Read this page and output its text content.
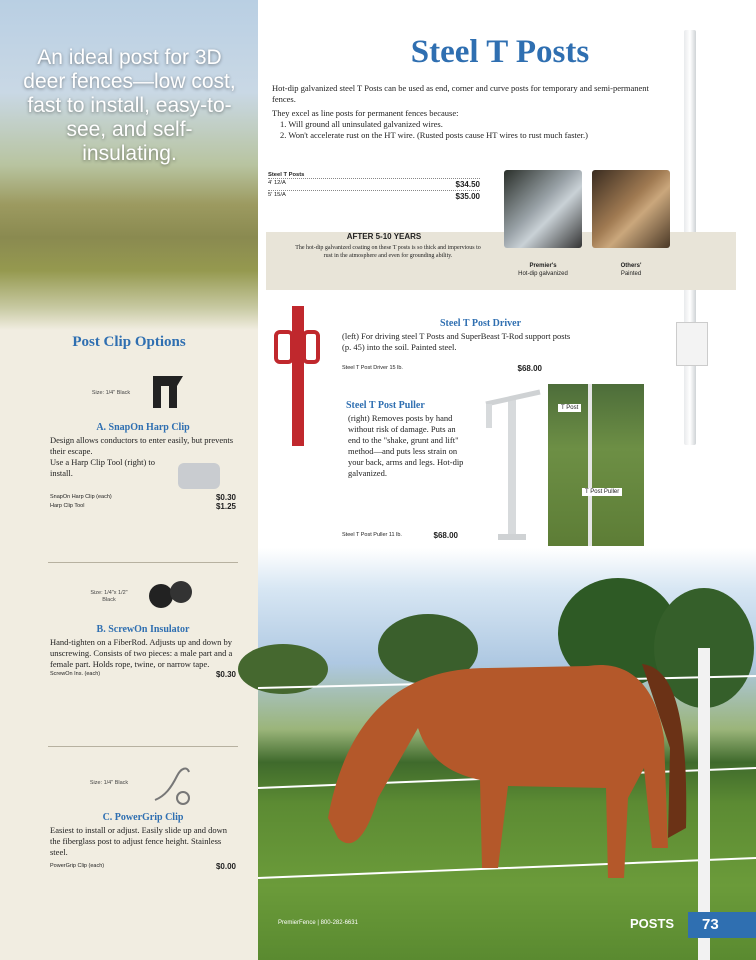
An ideal post for 3D deer fences—low cost, fast to install, easy-to-see, and self-insulating.
Post Clip Options
Size: 1/4" Black
A. SnapOn Harp Clip
Design allows conductors to enter easily, but prevents their escape.
Use a Harp Clip Tool (right) to install.
SnapOn Harp Clip (each)	$0.30
Harp Clip Tool	$1.25
Size: 1/4"x 1/2" Black
B. ScrewOn Insulator
Hand-tighten on a FiberRod. Adjusts up and down by unscrewing. Consists of two pieces: a male part and a female part. Holds rope, twine, or narrow tape.
ScrewOn Ins. (each)	$0.30
Size: 1/4" Black
C. PowerGrip Clip
Easiest to install or adjust. Easily slide up and down the fiberglass post to adjust fence height. Stainless steel.
PowerGrip Clip (each)	$0.00
Steel T Posts
Hot-dip galvanized steel T Posts can be used as end, corner and curve posts for temporary and semi-permanent fences.
They excel as line posts for permanent fences because:
1. Will ground all uninsulated galvanized wires.
2. Won't accelerate rust on the HT wire. (Rusted posts cause HT wires to rust much faster.)
Steel T Posts
4' 12/A	$34.50
5' 15/A	$35.00
AFTER 5-10 YEARS

The hot-dip galvanized coating on these T posts is so thick and impervious to rust in the atmosphere and even for grounding ability.

Premier's
Hot-dip galvanized
Others'
Painted
Steel T Post Driver
(left) For driving steel T Posts and SuperBeast T-Rod support posts (p. 45) into the soil. Painted steel.
Steel T Post Driver 15 lb.	$68.00
Steel T Post Puller
(right) Removes posts by hand without risk of damage. Puts an end to the "shake, grunt and lift" method—and puts less strain on your back, arms and legs. Hot-dip galvanized.
Steel T Post Puller 11 lb.	$68.00
T Post
T Post Puller
PremierFence | 800-282-6631	POSTS	73
